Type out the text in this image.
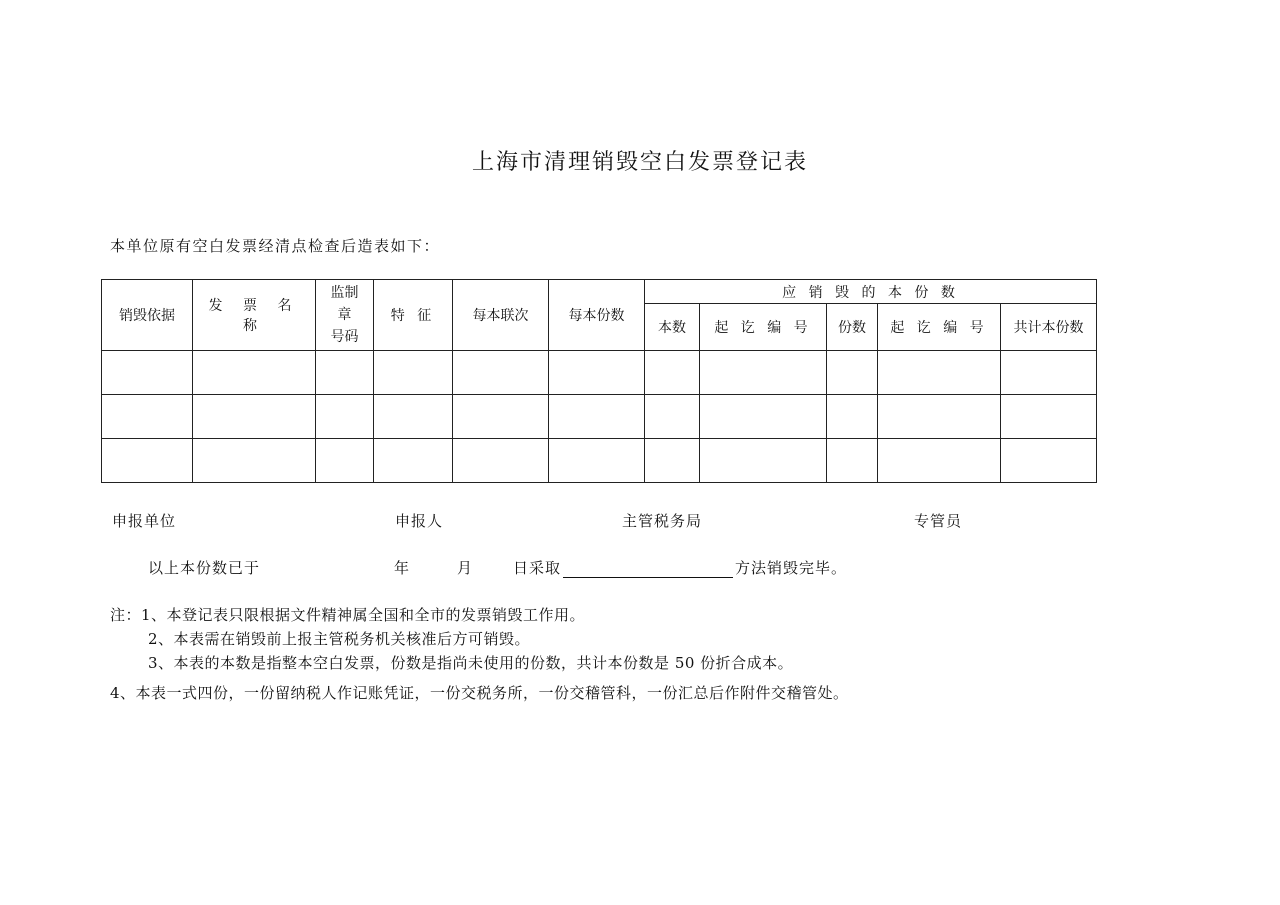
上海市清理销毁空白发票登记表
本单位原有空白发票经清点检查后造表如下：
销毁依据	发 票 名 称	监制
章
号码	特 征	每本联次	每本份数	应 销 毁 的 本 份 数				
						本数	起 讫 编 号	份数	起 讫 编 号	共计本份数

申报单位	申报人	主管税务局	专管员
以上本份数已于	年	月	日采取	方法销毁完毕。
注：1、本登记表只限根据文件精神属全国和全市的发票销毁工作用。
2、本表需在销毁前上报主管税务机关核准后方可销毁。
3、本表的本数是指整本空白发票，份数是指尚未使用的份数，共计本份数是 50 份折合成本。
4、本表一式四份，一份留纳税人作记账凭证，一份交税务所，一份交稽管科，一份汇总后作附件交稽管处。
